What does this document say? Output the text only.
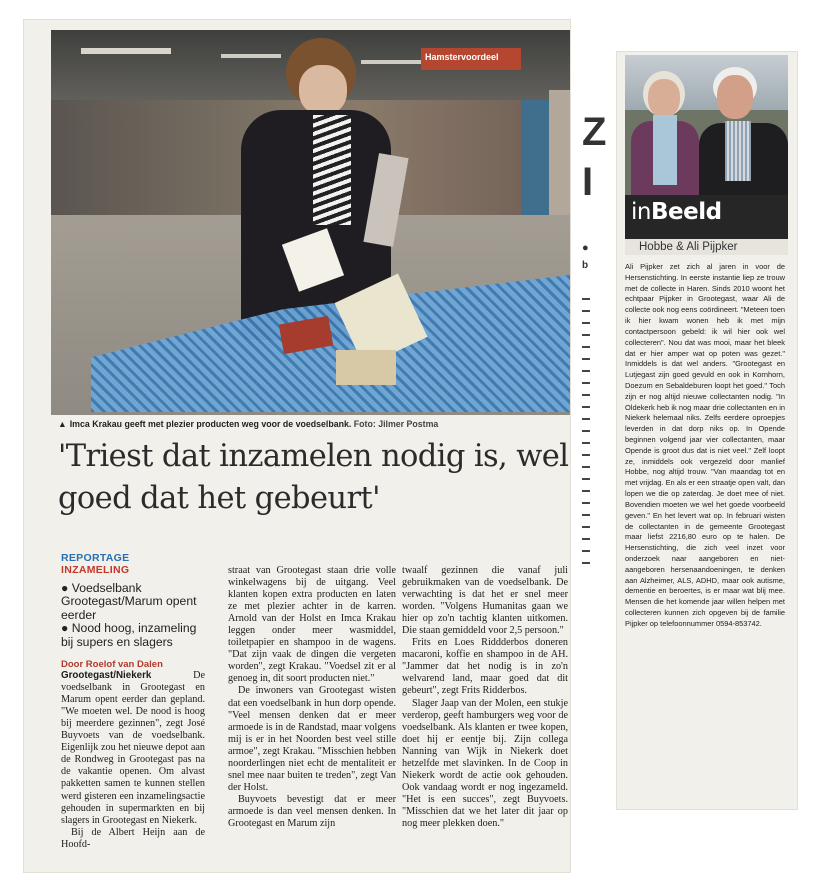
Hamstervoordeel
▲ Imca Krakau geeft met plezier producten weg voor de voedselbank. Foto: Jilmer Postma
'Triest dat inzamelen nodig is, wel goed dat het gebeurt'
REPORTAGE
INZAMELING
● Voedselbank Grootegast/Marum opent eerder
● Nood hoog, inzameling bij supers en slagers
Door Roelof van Dalen

Grootegast/Niekerk	De voedselbank in Grootegast en Marum opent eerder dan gepland. "We moeten wel. De nood is hoog bij meerdere gezinnen", zegt José Buyvoets van de voedselbank. Eigenlijk zou het nieuwe depot aan de Rondweg in Grootegast pas na de vakantie openen. Om alvast pakketten samen te kunnen stellen werd gisteren een inzamelingsactie gehouden in supermarkten en bij slagers in Grootegast en Niekerk.

Bij de Albert Heijn aan de Hoofd-

straat van Grootegast staan drie volle winkelwagens bij de uitgang. Veel klanten kopen extra producten en laten ze met plezier achter in de karren. Arnold van der Holst en Imca Krakau leggen onder meer wasmiddel, toiletpapier en shampoo in de wagens. "Dat zijn vaak de dingen die vergeten worden", zegt Krakau. "Voedsel zit er al genoeg in, dit soort producten niet."

De inwoners van Grootegast wisten dat een voedselbank in hun dorp opende. "Veel mensen denken dat er meer armoede is in de Randstad, maar volgens mij is er in het Noorden best veel stille armoe", zegt Krakau. "Misschien hebben noorderlingen niet echt de mentaliteit er snel mee naar buiten te treden", zegt Van der Holst.

Buyvoets bevestigt dat er meer armoede is dan veel mensen denken. In Grootegast en Marum zijn

twaalf gezinnen die vanaf juli gebruikmaken van de voedselbank. De verwachting is dat het er snel meer worden. "Volgens Humanitas gaan we hier op zo'n tachtig klanten uitkomen. Die staan gemiddeld voor 2,5 persoon."

Frits en Loes Riddderbos doneren macaroni, koffie en shampoo in de AH. "Jammer dat het nodig is in zo'n welvarend land, maar goed dat dit gebeurt", zegt Frits Ridderbos.

Slager Jaap van der Molen, een stukje verderop, geeft hamburgers weg voor de voedselbank. Als klanten er twee kopen, doet hij er eentje bij. Zijn collega Nanning van Wijk in Niekerk doet hetzelfde met slavinken. In de Coop in Niekerk wordt de actie ook gehouden. Ook vandaag wordt er nog ingezameld. "Het is een succes", zegt Buyvoets. "Misschien dat we het later dit jaar op nog meer plekken doen."

Z
I
●
b
inBeeld
Hobbe & Ali Pijpker
Ali Pijpker zet zich al jaren in voor de Hersenstichting. In eerste instantie liep ze trouw met de collecte in Haren. Sinds 2010 woont het echtpaar Pijpker in Grootegast, waar Ali de collecte ook nog eens coördineert. "Meteen toen ik hier kwam wonen heb ik met mijn contactpersoon gebeld: ik wil hier ook wel collecteren". Nou dat was mooi, maar het bleek dat er hier amper wat op poten was gezet." Inmiddels is dat wel anders. "Grootegast en Lutjegast zijn goed gevuld en ook in Kornhorn, Doezum en Sebaldeburen loopt het goed." Toch zijn er nog altijd nieuwe collectanten nodig. "In Oldekerk heb ik nog maar drie collectanten en in Niekerk helemaal niks. Zelfs eerdere oproepjes leverden in dat dorp niks op. In Opende beginnen volgend jaar vier collectanten, maar Opende is groot dus dat is niet veel." Zelf loopt ze, inmiddels ook vergezeld door manlief Hobbe, nog altijd trouw. "Van maandag tot en met vrijdag. En als er een straatje open valt, dan lopen we die op zaterdag. Je doet mee of niet. Bovendien moeten we wel het goede voorbeeld geven." En het levert wat op. In februari wisten de collectanten in de gemeente Grootegast maar liefst 2216,80 euro op te halen. De Hersenstichting, die zich veel inzet voor onderzoek naar aangeboren en niet-aangeboren hersenaandoeningen, te denken aan Alzheimer, ALS, ADHD, maar ook autisme, dementie en beroertes, is er maar wat blij mee. Mensen die het komende jaar willen helpen met collecteren kunnen zich opgeven bij de familie Pijpker op telefoonnummer 0594-853742.
